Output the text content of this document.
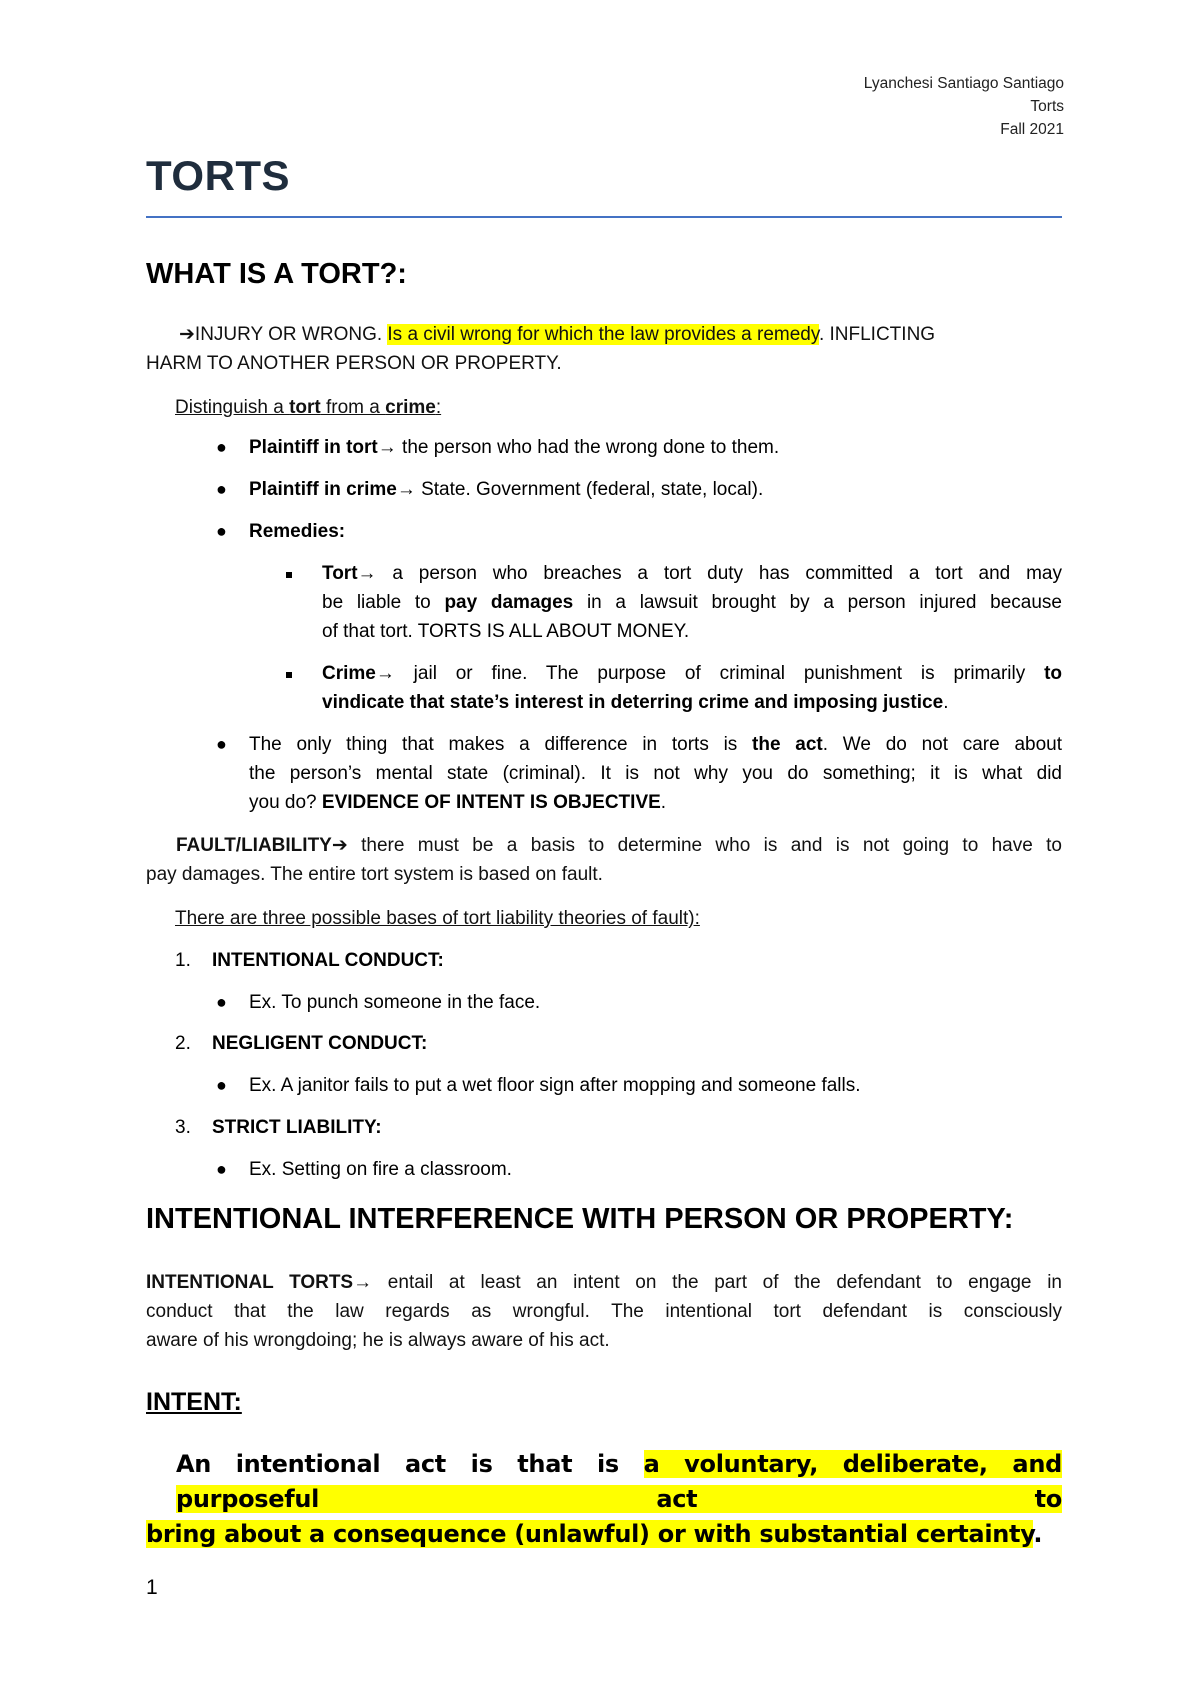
Lyanchesi Santiago Santiago
Torts
Fall 2021
TORTS
WHAT IS A TORT?:
➔INJURY OR WRONG. Is a civil wrong for which the law provides a remedy. INFLICTING
HARM TO ANOTHER PERSON OR PROPERTY.
Distinguish a tort from a crime:
● Plaintiff in tort→ the person who had the wrong done to them.
● Plaintiff in crime→ State. Government (federal, state, local).
● Remedies:
Tort→ a person who breaches a tort duty has committed a tort and may
be liable to pay damages in a lawsuit brought by a person injured because
of that tort. TORTS IS ALL ABOUT MONEY.
Crime→ jail or fine. The purpose of criminal punishment is primarily to
vindicate that state’s interest in deterring crime and imposing justice.
● The only thing that makes a difference in torts is the act. We do not care about
the person’s mental state (criminal). It is not why you do something; it is what did
you do? EVIDENCE OF INTENT IS OBJECTIVE.
FAULT/LIABILITY➔ there must be a basis to determine who is and is not going to have to
pay damages. The entire tort system is based on fault.
There are three possible bases of tort liability theories of fault):
1. INTENTIONAL CONDUCT:
● Ex. To punch someone in the face.
2. NEGLIGENT CONDUCT:
● Ex. A janitor fails to put a wet floor sign after mopping and someone falls.
3. STRICT LIABILITY:
● Ex. Setting on fire a classroom.
INTENTIONAL INTERFERENCE WITH PERSON OR PROPERTY:
INTENTIONAL TORTS→ entail at least an intent on the part of the defendant to engage in
conduct that the law regards as wrongful. The intentional tort defendant is consciously
aware of his wrongdoing; he is always aware of his act.
INTENT:
An intentional act is that is a voluntary, deliberate, and purposeful act to
bring about a consequence (unlawful) or with substantial certainty.
1
